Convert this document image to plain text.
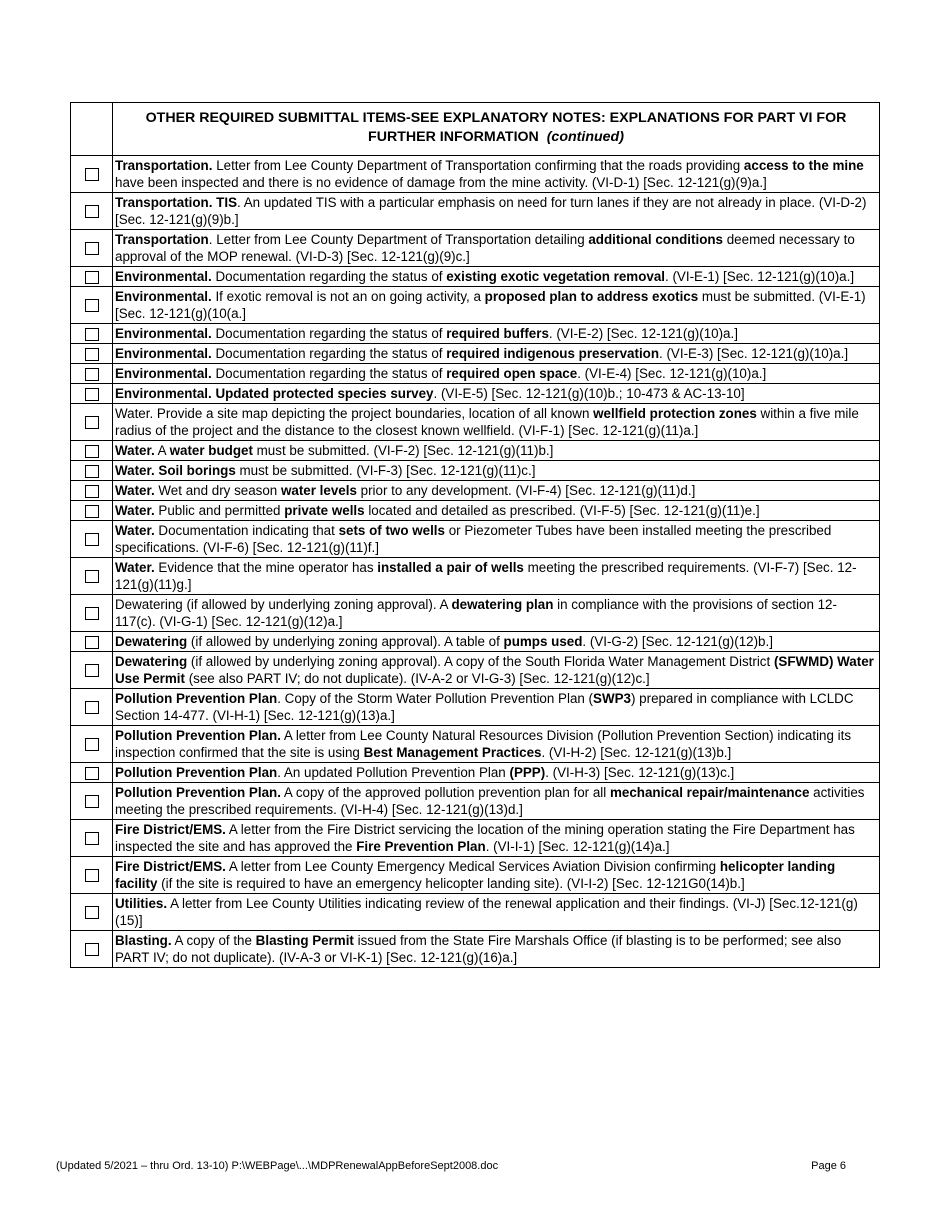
	OTHER REQUIRED SUBMITTAL ITEMS-SEE EXPLANATORY NOTES: EXPLANATIONS FOR PART VI FOR FURTHER INFORMATION (continued)
	Transportation. Letter from Lee County Department of Transportation confirming that the roads providing access to the mine have been inspected and there is no evidence of damage from the mine activity. (VI-D-1) [Sec. 12-121(g)(9)a.]
	Transportation. TIS. An updated TIS with a particular emphasis on need for turn lanes if they are not already in place. (VI-D-2) [Sec. 12-121(g)(9)b.]
	Transportation. Letter from Lee County Department of Transportation detailing additional conditions deemed necessary to approval of the MOP renewal. (VI-D-3) [Sec. 12-121(g)(9)c.]
	Environmental. Documentation regarding the status of existing exotic vegetation removal. (VI-E-1) [Sec. 12-121(g)(10)a.]
	Environmental. If exotic removal is not an on going activity, a proposed plan to address exotics must be submitted. (VI-E-1) [Sec. 12-121(g)(10(a.]
	Environmental. Documentation regarding the status of required buffers. (VI-E-2) [Sec. 12-121(g)(10)a.]
	Environmental. Documentation regarding the status of required indigenous preservation. (VI-E-3) [Sec. 12-121(g)(10)a.]
	Environmental. Documentation regarding the status of required open space. (VI-E-4) [Sec. 12-121(g)(10)a.]
	Environmental. Updated protected species survey. (VI-E-5) [Sec. 12-121(g)(10)b.; 10-473 & AC-13-10]
	Water. Provide a site map depicting the project boundaries, location of all known wellfield protection zones within a five mile radius of the project and the distance to the closest known wellfield. (VI-F-1) [Sec. 12-121(g)(11)a.]
	Water. A water budget must be submitted. (VI-F-2) [Sec. 12-121(g)(11)b.]
	Water. Soil borings must be submitted. (VI-F-3) [Sec. 12-121(g)(11)c.]
	Water. Wet and dry season water levels prior to any development. (VI-F-4) [Sec. 12-121(g)(11)d.]
	Water. Public and permitted private wells located and detailed as prescribed. (VI-F-5) [Sec. 12-121(g)(11)e.]
	Water. Documentation indicating that sets of two wells or Piezometer Tubes have been installed meeting the prescribed specifications. (VI-F-6) [Sec. 12-121(g)(11)f.]
	Water. Evidence that the mine operator has installed a pair of wells meeting the prescribed requirements. (VI-F-7) [Sec. 12-121(g)(11)g.]
	Dewatering (if allowed by underlying zoning approval). A dewatering plan in compliance with the provisions of section 12-117(c). (VI-G-1) [Sec. 12-121(g)(12)a.]
	Dewatering (if allowed by underlying zoning approval). A table of pumps used. (VI-G-2) [Sec. 12-121(g)(12)b.]
	Dewatering (if allowed by underlying zoning approval). A copy of the South Florida Water Management District (SFWMD) Water Use Permit (see also PART IV; do not duplicate). (IV-A-2 or VI-G-3) [Sec. 12-121(g)(12)c.]
	Pollution Prevention Plan. Copy of the Storm Water Pollution Prevention Plan (SWP3) prepared in compliance with LCLDC Section 14-477. (VI-H-1) [Sec. 12-121(g)(13)a.]
	Pollution Prevention Plan. A letter from Lee County Natural Resources Division (Pollution Prevention Section) indicating its inspection confirmed that the site is using Best Management Practices. (VI-H-2) [Sec. 12-121(g)(13)b.]
	Pollution Prevention Plan. An updated Pollution Prevention Plan (PPP). (VI-H-3) [Sec. 12-121(g)(13)c.]
	Pollution Prevention Plan. A copy of the approved pollution prevention plan for all mechanical repair/maintenance activities meeting the prescribed requirements. (VI-H-4) [Sec. 12-121(g)(13)d.]
	Fire District/EMS. A letter from the Fire District servicing the location of the mining operation stating the Fire Department has inspected the site and has approved the Fire Prevention Plan. (VI-I-1) [Sec. 12-121(g)(14)a.]
	Fire District/EMS. A letter from Lee County Emergency Medical Services Aviation Division confirming helicopter landing facility (if the site is required to have an emergency helicopter landing site). (VI-I-2) [Sec. 12-121G0(14)b.]
	Utilities. A letter from Lee County Utilities indicating review of the renewal application and their findings. (VI-J) [Sec.12-121(g)(15)]
	Blasting. A copy of the Blasting Permit issued from the State Fire Marshals Office (if blasting is to be performed; see also PART IV; do not duplicate). (IV-A-3 or VI-K-1) [Sec. 12-121(g)(16)a.]
(Updated 5/2021 – thru Ord. 13-10) P:\WEBPage\...\MDPRenewalAppBeforeSept2008.doc	Page 6
